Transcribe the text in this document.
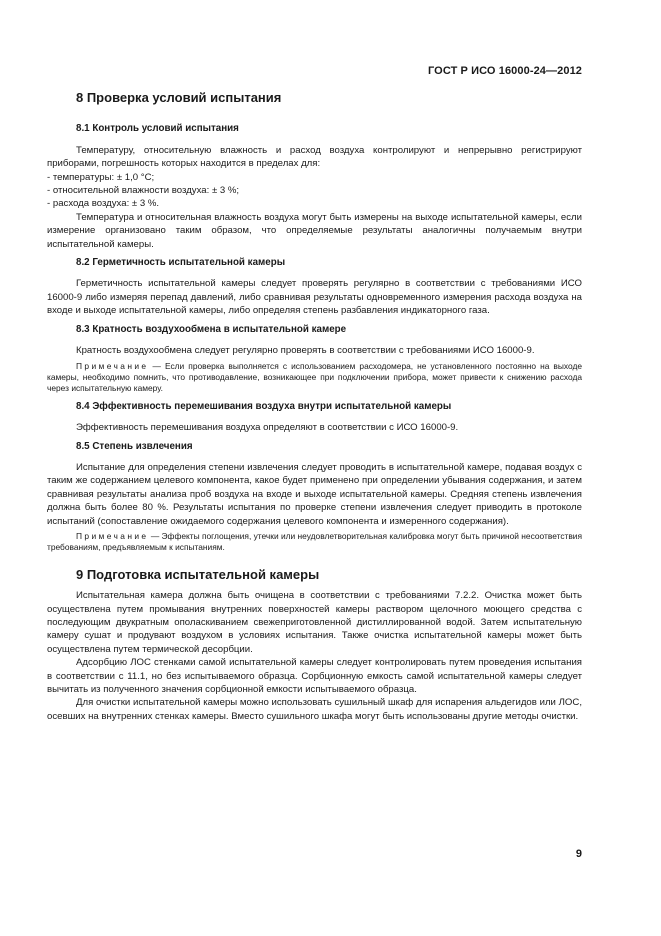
ГОСТ Р ИСО 16000-24—2012
8 Проверка условий испытания
8.1 Контроль условий испытания

Температуру, относительную влажность и расход воздуха контролируют и непрерывно регистрируют приборами, погрешность которых находится в пределах для:

- температуры: ± 1,0 °С;

- относительной влажности воздуха: ± 3 %;

- расхода воздуха: ± 3 %.

Температура и относительная влажность воздуха могут быть измерены на выходе испытательной камеры, если измерение организовано таким образом, что определяемые результаты аналогичны получаемым внутри испытательной камеры.

8.2 Герметичность испытательной камеры

Герметичность испытательной камеры следует проверять регулярно в соответствии с требованиями ИСО 16000-9 либо измеряя перепад давлений, либо сравнивая результаты одновременного измерения расхода воздуха на входе и выходе испытательной камеры, либо определяя степень разбавления индикаторного газа.

8.3 Кратность воздухообмена в испытательной камере

Кратность воздухообмена следует регулярно проверять в соответствии с требованиями ИСО 16000-9.

Примечание — Если проверка выполняется с использованием расходомера, не установленного постоянно на выходе камеры, необходимо помнить, что противодавление, возникающее при подключении прибора, может привести к снижению расхода через испытательную камеру.

8.4 Эффективность перемешивания воздуха внутри испытательной камеры

Эффективность перемешивания воздуха определяют в соответствии с ИСО 16000-9.

8.5 Степень извлечения

Испытание для определения степени извлечения следует проводить в испытательной камере, подавая воздух с таким же содержанием целевого компонента, какое будет применено при определении убывания содержания, и затем сравнивая результаты анализа проб воздуха на входе и выходе испытательной камеры. Средняя степень извлечения должна быть более 80 %. Результаты испытания по проверке степени извлечения следует приводить в протоколе испытаний (сопоставление ожидаемого содержания целевого компонента и измеренного содержания).

Примечание — Эффекты поглощения, утечки или неудовлетворительная калибровка могут быть причиной несоответствия требованиям, предъявляемым к испытаниям.

9 Подготовка испытательной камеры

Испытательная камера должна быть очищена в соответствии с требованиями 7.2.2. Очистка может быть осуществлена путем промывания внутренних поверхностей камеры раствором щелочного моющего средства с последующим двукратным ополаскиванием свежеприготовленной дистиллированной водой. Затем испытательную камеру сушат и продувают воздухом в условиях испытания. Также очистка испытательной камеры может быть осуществлена путем термической десорбции.

Адсорбцию ЛОС стенками самой испытательной камеры следует контролировать путем проведения испытания в соответствии с 11.1, но без испытываемого образца. Сорбционную емкость самой испытательной камеры следует вычитать из полученного значения сорбционной емкости испытываемого образца.

Для очистки испытательной камеры можно использовать сушильный шкаф для испарения альдегидов или ЛОС, осевших на внутренних стенках камеры. Вместо сушильного шкафа могут быть использованы другие методы очистки.

9
